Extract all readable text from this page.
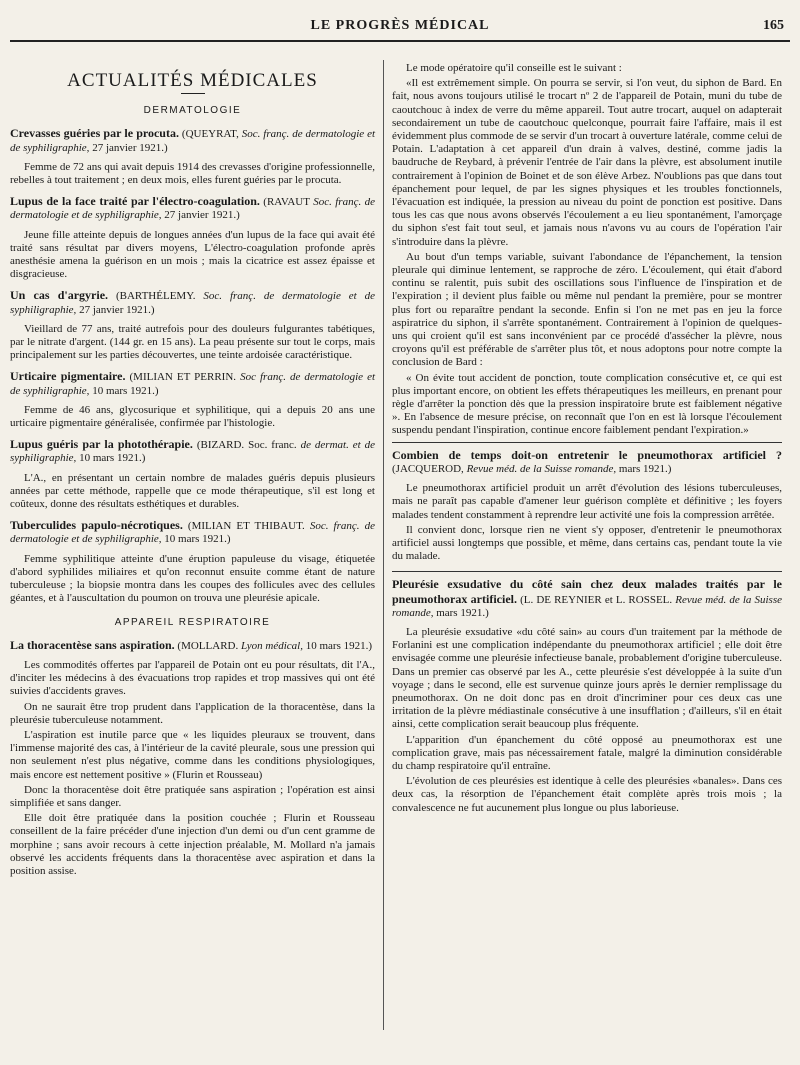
LE PROGRÈS MÉDICAL	165
ACTUALITÉS MÉDICALES
DERMATOLOGIE
Crevasses guéries par le procuta. (QUEYRAT, Soc. franç. de dermatologie et de syphiligraphie, 27 janvier 1921.)

Femme de 72 ans qui avait depuis 1914 des crevasses d'origine professionnelle, rebelles à tout traitement ; en deux mois, elles furent guéries par le procuta.

Lupus de la face traité par l'électro-coagulation. (RAVAUT Soc. franç. de dermatologie et de syphiligraphie, 27 janvier 1921.)

Jeune fille atteinte depuis de longues années d'un lupus de la face qui avait été traité sans résultat par divers moyens, L'électro-coagulation profonde après anesthésie amena la guérison en un mois ; mais la cicatrice est assez épaisse et disgracieuse.

Un cas d'argyrie. (BARTHÉLEMY. Soc. franç. de dermatologie et de syphiligraphie, 27 janvier 1921.)

Vieillard de 77 ans, traité autrefois pour des douleurs fulgurantes tabétiques, par le nitrate d'argent. (144 gr. en 15 ans). La peau présente sur tout le corps, mais principalement sur les parties découvertes, une teinte ardoisée caractéristique.

Urticaire pigmentaire. (MILIAN ET PERRIN. Soc franç. de dermatologie et de syphiligraphie, 10 mars 1921.)

Femme de 46 ans, glycosurique et syphilitique, qui a depuis 20 ans une urticaire pigmentaire généralisée, confirmée par l'histologie.

Lupus guéris par la photothérapie. (BIZARD. Soc. franc. de dermat. et de syphiligraphie, 10 mars 1921.)

L'A., en présentant un certain nombre de malades guéris depuis plusieurs années par cette méthode, rappelle que ce mode thérapeutique, s'il est long et coûteux, donne des résultats esthétiques et durables.

Tuberculides papulo-nécrotiques. (MILIAN ET THIBAUT. Soc. franç. de dermatologie et de syphiligraphie, 10 mars 1921.)

Femme syphilitique atteinte d'une éruption papuleuse du visage, étiquetée d'abord syphilides miliaires et qu'on reconnut ensuite comme étant de nature tuberculeuse ; la biopsie montra dans les coupes des follicules avec des cellules géantes, et à l'auscultation du poumon on trouva une pleurésie apicale.

APPAREIL RESPIRATOIRE
La thoracentèse sans aspiration. (MOLLARD. Lyon médical, 10 mars 1921.)

Les commodités offertes par l'appareil de Potain ont eu pour résultats, dit l'A., d'inciter les médecins à des évacuations trop rapides et trop massives qui ont été suivies d'accidents graves.

On ne saurait être trop prudent dans l'application de la thoracentèse, dans la pleurésie tuberculeuse notamment.

L'aspiration est inutile parce que « les liquides pleuraux se trouvent, dans l'immense majorité des cas, à l'intérieur de la cavité pleurale, sous une pression qui non seulement n'est plus négative, comme dans les conditions physiologiques, mais encore est nettement positive » (Flurin et Rousseau)

Donc la thoracentèse doit être pratiquée sans aspiration ; l'opération est ainsi simplifiée et sans danger.

Elle doit être pratiquée dans la position couchée ; Flurin et Rousseau conseillent de la faire précéder d'une injection d'un demi ou d'un cent gramme de morphine ; sans avoir recours à cette injection préalable, M. Mollard n'a jamais observé les accidents fréquents dans la thoracentèse avec aspiration et dans la position assise.

Le mode opératoire qu'il conseille est le suivant :

«Il est extrêmement simple. On pourra se servir, si l'on veut, du siphon de Bard. En fait, nous avons toujours utilisé le trocart nº 2 de l'appareil de Potain, muni du tube de caoutchouc à index de verre du même appareil. Tout autre trocart, auquel on adapterait secondairement un tube de caoutchouc quelconque, pourrait faire l'affaire, mais il est évidemment plus commode de se servir d'un trocart à ouverture latérale, comme celui de Potain. L'adaptation à cet appareil d'un drain à valves, destiné, comme jadis la baudruche de Reybard, à prévenir l'entrée de l'air dans la plèvre, est absolument inutile contrairement à l'opinion de Boinet et de son élève Arbez. N'oublions pas que dans tout épanchement pour lequel, de par les signes physiques et les troubles fonctionnels, l'évacuation est indiquée, la pression au niveau du point de ponction est positive. Dans tous les cas que nous avons observés l'écoulement a eu lieu spontanément, l'amorçage du siphon s'est fait tout seul, et jamais nous n'avons vu au cours de l'opération l'air s'introduire dans la plèvre.

Au bout d'un temps variable, suivant l'abondance de l'épanchement, la tension pleurale qui diminue lentement, se rapproche de zéro. L'écoulement, qui était d'abord continu se ralentit, puis subit des oscillations sous l'influence de l'inspiration et de l'expiration ; il devient plus faible ou même nul pendant la première, pour se montrer plus fort ou reparaître pendant la seconde. Enfin si l'on ne met pas en jeu la force aspiratrice du siphon, il s'arrête spontanément. Contrairement à l'opinion de quelques-uns qui croient qu'il est sans inconvénient par ce procédé d'assécher la plèvre, nous croyons qu'il est préférable de s'arrêter plus tôt, et nous adoptons pour notre compte la conclusion de Bard :

« On évite tout accident de ponction, toute complication consécutive et, ce qui est plus important encore, on obtient les effets thérapeutiques les meilleurs, en prenant pour règle d'arrêter la ponction dès que la pression inspiratoire brute est faiblement négative ». En l'absence de mesure précise, on reconnaît que l'on en est là lorsque l'écoulement suspendu pendant l'inspiration, continue encore faiblement pendant l'expiration.»

Combien de temps doit-on entretenir le pneumothorax artificiel ? (JACQUEROD, Revue méd. de la Suisse romande, mars 1921.)

Le pneumothorax artificiel produit un arrêt d'évolution des lésions tuberculeuses, mais ne paraît pas capable d'amener leur guérison complète et définitive ; les foyers malades tendent constamment à reprendre leur activité une fois la compression arrêtée.

Il convient donc, lorsque rien ne vient s'y opposer, d'entretenir le pneumothorax artificiel aussi longtemps que possible, et même, dans certains cas, pendant toute la vie du malade.

Pleurésie exsudative du côté sain chez deux malades traités par le pneumothorax artificiel. (L. DE REYNIER et L. ROSSEL. Revue méd. de la Suisse romande, mars 1921.)

La pleurésie exsudative «du côté sain» au cours d'un traitement par la méthode de Forlanini est une complication indépendante du pneumothorax artificiel ; elle doit être envisagée comme une pleurésie infectieuse banale, probablement d'origine tuberculeuse. Dans un premier cas observé par les A., cette pleurésie s'est développée à la suite d'un voyage ; dans le second, elle est survenue quinze jours après le dernier remplissage du pneumothorax. On ne doit donc pas en droit d'incriminer pour ces deux cas une irritation de la plèvre médiastinale consécutive à une insufflation ; d'ailleurs, s'il en était ainsi, cette complication serait beaucoup plus fréquente.

L'apparition d'un épanchement du côté opposé au pneumothorax est une complication grave, mais pas nécessairement fatale, malgré la diminution considérable du champ respiratoire qu'il entraîne.

L'évolution de ces pleurésies est identique à celle des pleurésies «banales». Dans ces deux cas, la résorption de l'épanchement était complète après trois mois ; la convalescence ne fut aucunement plus longue ou plus laborieuse.
